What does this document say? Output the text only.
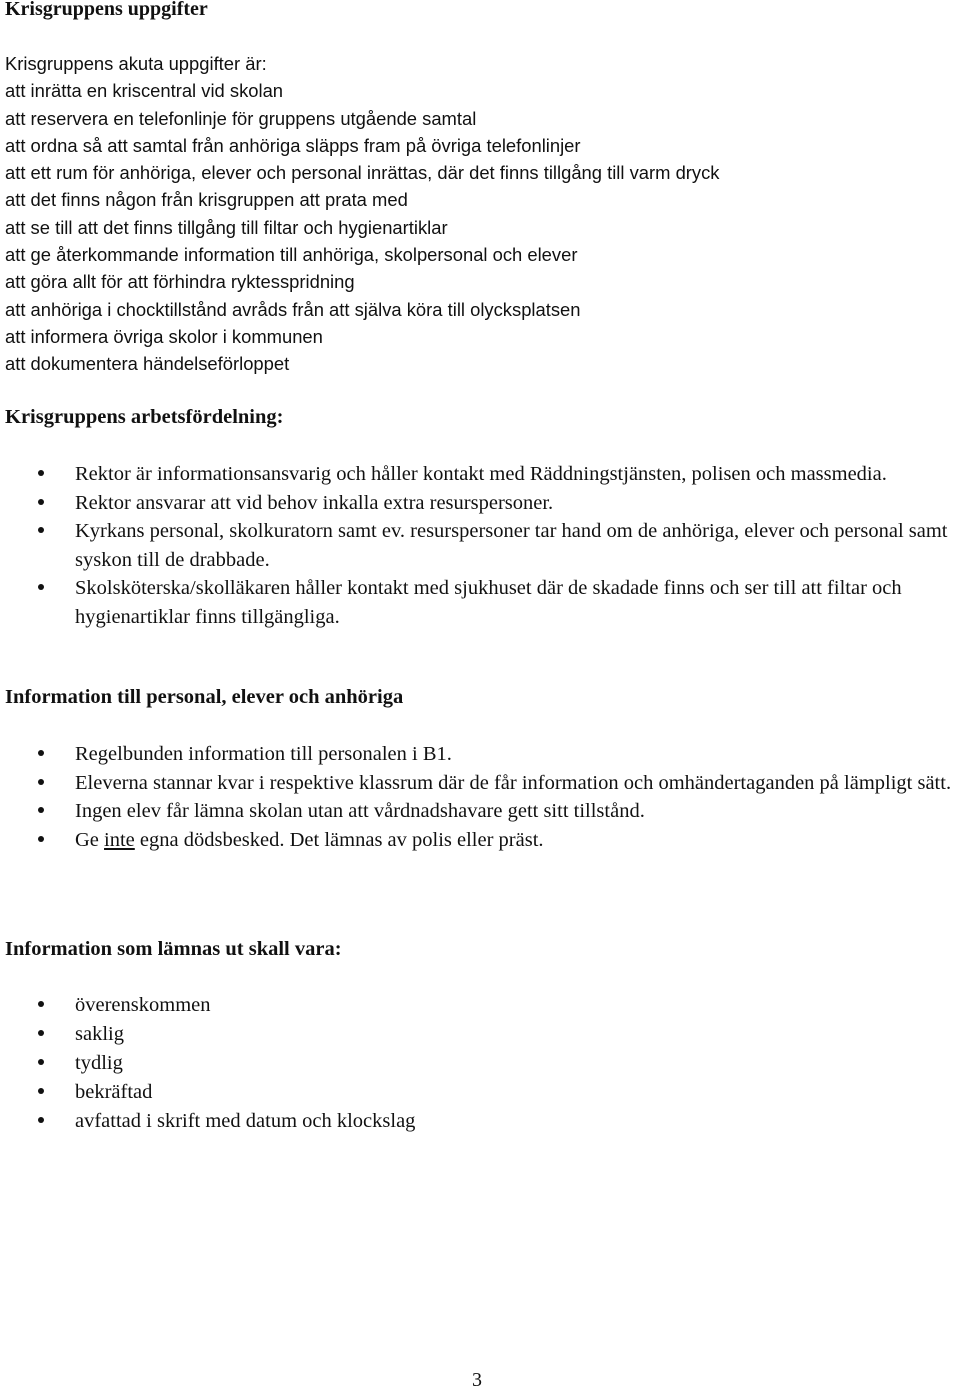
Krisgruppens uppgifter
Krisgruppens akuta uppgifter är:
att inrätta en kriscentral vid skolan
att reservera en telefonlinje för gruppens utgående samtal
att ordna så att samtal från anhöriga släpps fram på övriga telefonlinjer
att ett rum för anhöriga, elever och personal inrättas, där det finns tillgång till varm dryck
att det finns någon från krisgruppen att prata med
att se till att det finns tillgång till filtar och hygienartiklar
att ge återkommande information till anhöriga, skolpersonal och elever
att göra allt för att förhindra ryktesspridning
att anhöriga i chocktillstånd avråds från att själva köra till olycksplatsen
att informera övriga skolor i kommunen
att dokumentera händelseförloppet
Krisgruppens arbetsfördelning:
Rektor är informationsansvarig och håller kontakt med Räddningstjänsten, polisen och massmedia.
Rektor ansvarar att vid behov inkalla extra resurspersoner.
Kyrkans personal, skolkuratorn samt ev. resurspersoner tar hand om de anhöriga, elever och personal samt syskon till de drabbade.
Skolsköterska/skolläkaren håller kontakt med sjukhuset där de skadade finns och ser till att filtar och hygienartiklar finns tillgängliga.
Information till personal, elever och anhöriga
Regelbunden information till personalen i B1.
Eleverna stannar kvar i respektive klassrum där de får information och omhändertaganden på lämpligt sätt.
Ingen elev får lämna skolan utan att vårdnadshavare gett sitt tillstånd.
Ge inte egna dödsbesked. Det lämnas av polis eller präst.
Information som lämnas ut skall vara:
överenskommen
saklig
tydlig
bekräftad
avfattad i skrift med datum och klockslag
3
